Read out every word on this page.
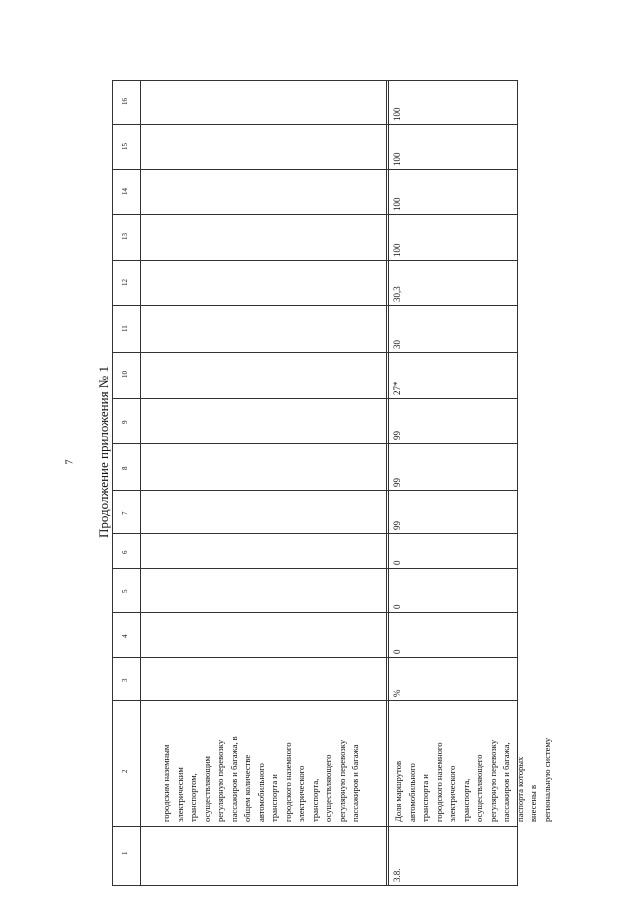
Продолжение приложения № 1
7
1
2
3
4
5
6
7
8
9
10
11
12
13
14
15
16
городским наземным электрическим транспортом, осуществляющим регулярную перевозку пассажиров и багажа, в общем количестве автомобильного транспорта и городского наземного электрического транспорта, осуществляющего регулярную перевозку пассажиров и багажа
3.8.
Доля маршрутов автомобильного транспорта и городского наземного электрического транспорта, осуществляющего регулярную перевозку пассажиров и багажа, паспорта которых внесены в региональную систему
%
0
0
0
99
99
99
27*
30
30,3
100
100
100
100
